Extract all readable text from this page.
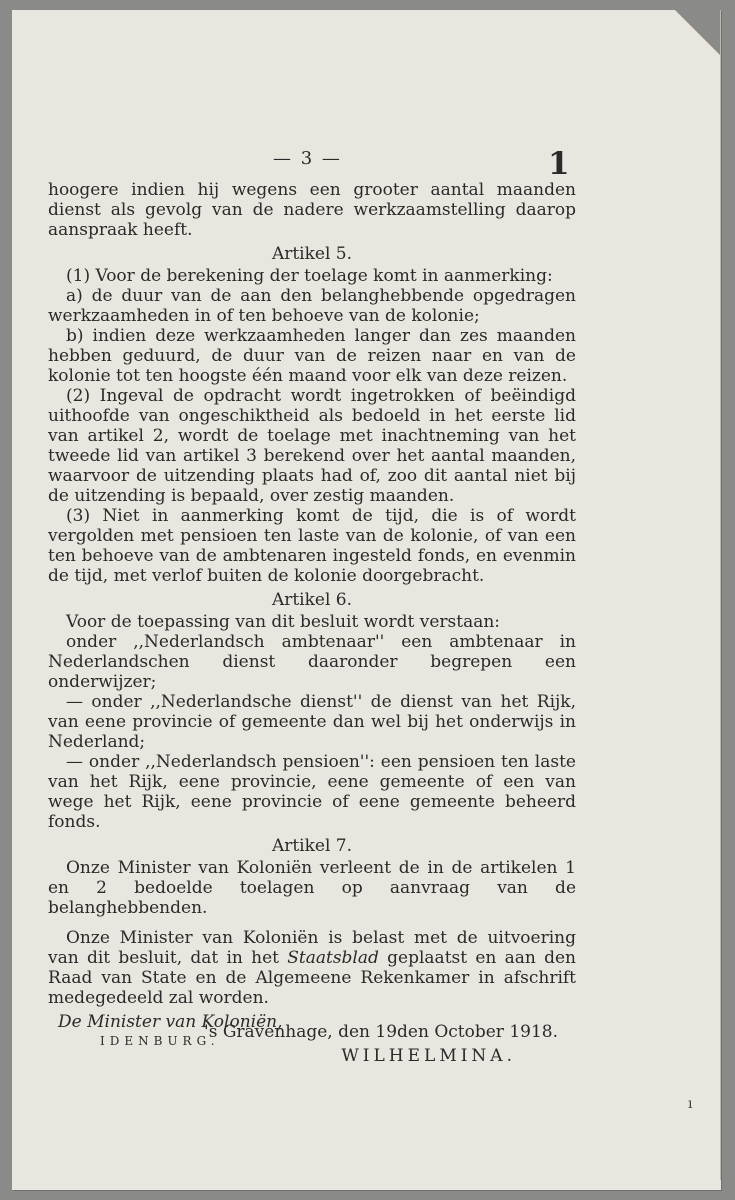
— 3 —	1

hoogere indien hij wegens een grooter aantal maanden dienst als gevolg van de nadere werkzaamstelling daarop aanspraak heeft.

Artikel 5.

(1) Voor de berekening der toelage komt in aanmerking:

a) de duur van de aan den belanghebbende opgedragen werkzaamheden in of ten behoeve van de kolonie;

b) indien deze werkzaamheden langer dan zes maanden hebben geduurd, de duur van de reizen naar en van de kolonie tot ten hoogste één maand voor elk van deze reizen.

(2) Ingeval de opdracht wordt ingetrokken of beëindigd uithoofde van ongeschiktheid als bedoeld in het eerste lid van artikel 2, wordt de toelage met inachtneming van het tweede lid van artikel 3 berekend over het aantal maanden, waarvoor de uitzending plaats had of, zoo dit aantal niet bij de uitzending is bepaald, over zestig maanden.

(3) Niet in aanmerking komt de tijd, die is of wordt vergolden met pensioen ten laste van de kolonie, of van een ten behoeve van de ambtenaren ingesteld fonds, en evenmin de tijd, met verlof buiten de kolonie doorgebracht.

Artikel 6.

Voor de toepassing van dit besluit wordt verstaan:

onder ,,Nederlandsch ambtenaar'' een ambtenaar in Nederlandschen dienst daaronder begrepen een onderwijzer;

— onder ,,Nederlandsche dienst'' de dienst van het Rijk, van eene provincie of gemeente dan wel bij het onderwijs in Nederland;

— onder ,,Nederlandsch pensioen'': een pensioen ten laste van het Rijk, eene provincie, eene gemeente of een van wege het Rijk, eene provincie of eene gemeente beheerd fonds.

Artikel 7.

Onze Minister van Koloniën verleent de in de artikelen 1 en 2 bedoelde toelagen op aanvraag van de belanghebbenden.

Onze Minister van Koloniën is belast met de uitvoering van dit besluit, dat in het Staatsblad geplaatst en aan den Raad van State en de Algemeene Rekenkamer in afschrift medegedeeld zal worden.

's Gravenhage, den 19den October 1918.

WILHELMINA.

De Minister van Koloniën,
IDENBURG.
ı
